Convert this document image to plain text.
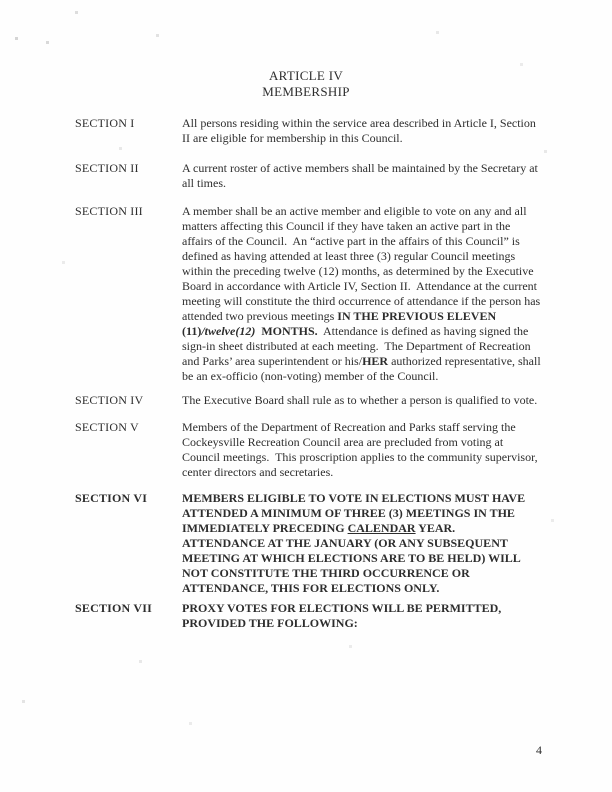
ARTICLE IV
MEMBERSHIP
SECTION I	All persons residing within the service area described in Article I, Section
II are eligible for membership in this Council.
SECTION II	A current roster of active members shall be maintained by the Secretary at
all times.
SECTION III	A member shall be an active member and eligible to vote on any and all
matters affecting this Council if they have taken an active part in the
affairs of the Council.  An “active part in the affairs of this Council” is
defined as having attended at least three (3) regular Council meetings
within the preceding twelve (12) months, as determined by the Executive
Board in accordance with Article IV, Section II.  Attendance at the current
meeting will constitute the third occurrence of attendance if the person has
attended two previous meetings IN THE PREVIOUS ELEVEN
(11)/twelve(12) MONTHS.  Attendance is defined as having signed the
sign-in sheet distributed at each meeting.  The Department of Recreation
and Parks’ area superintendent or his/HER authorized representative, shall
be an ex-officio (non-voting) member of the Council.
SECTION IV	The Executive Board shall rule as to whether a person is qualified to vote.
SECTION V	Members of the Department of Recreation and Parks staff serving the
Cockeysville Recreation Council area are precluded from voting at
Council meetings.  This proscription applies to the community supervisor,
center directors and secretaries.
SECTION VI	MEMBERS ELIGIBLE TO VOTE IN ELECTIONS MUST HAVE
ATTENDED A MINIMUM OF THREE (3) MEETINGS IN THE
IMMEDIATELY PRECEDING CALENDAR YEAR.
ATTENDANCE AT THE JANUARY (OR ANY SUBSEQUENT
MEETING AT WHICH ELECTIONS ARE TO BE HELD) WILL
NOT CONSTITUTE THE THIRD OCCURRENCE OR
ATTENDANCE, THIS FOR ELECTIONS ONLY.
SECTION VII	PROXY VOTES FOR ELECTIONS WILL BE PERMITTED,
PROVIDED THE FOLLOWING:
4
